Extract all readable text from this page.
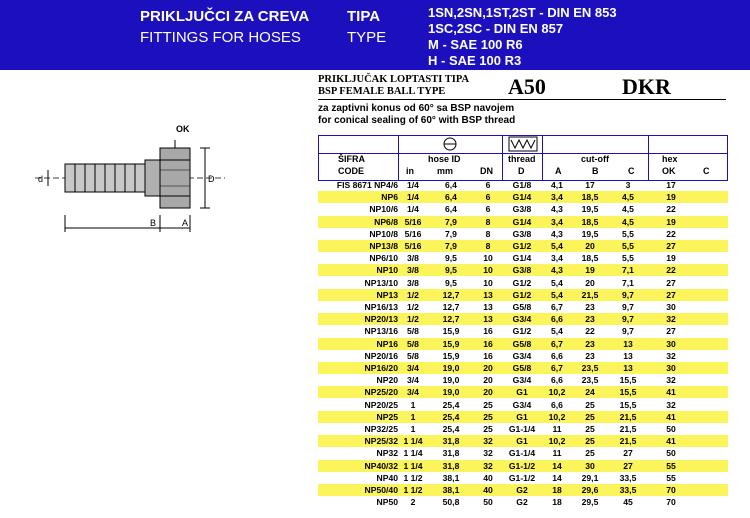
PRIKLJUČCI ZA CREVA
FITTINGS FOR HOSES
TIPA
TYPE
1SN,2SN,1ST,2ST - DIN EN 853
1SC,2SC - DIN EN 857
M - SAE 100 R6
H - SAE 100 R3
PRIKLJUČAK LOPTASTI TIPA
BSP FEMALE BALL TYPE	A50	DKR
za zaptivni konus od 60° sa BSP navojem
for conical sealing of 60° with BSP thread
OK
d	D
B	A
ŠIFRA
CODE
hose ID	thread	cut-off	hex
in	mm	DN	D	A	B	C	OK	C
FIS 8671 NP4/6	1/4	6,4	6	G1/8	4,1	17	3	17
NP6	1/4	6,4	6	G1/4	3,4	18,5	4,5	19
NP10/6	1/4	6,4	6	G3/8	4,3	19,5	4,5	22
NP6/8 5/16	7,9	8	G1/4	3,4	18,5	4,5	19
NP10/8 5/16	7,9	8	G3/8	4,3	19,5	5,5	22
NP13/8 5/16	7,9	8	G1/2	5,4	20	5,5	27
NP6/10	3/8	9,5	10	G1/4	3,4	18,5	5,5	19
NP10	3/8	9,5	10	G3/8	4,3	19	7,1	22
NP13/10	3/8	9,5	10	G1/2	5,4	20	7,1	27
NP13	1/2	12,7	13	G1/2	5,4	21,5	9,7	27
NP16/13	1/2	12,7	13	G5/8	6,7	23	9,7	30
NP20/13	1/2	12,7	13	G3/4	6,6	23	9,7	32
NP13/16	5/8	15,9	16	G1/2	5,4	22	9,7	27
NP16	5/8	15,9	16	G5/8	6,7	23	13	30
NP20/16	5/8	15,9	16	G3/4	6,6	23	13	32
NP16/20	3/4	19,0	20	G5/8	6,7	23,5	13	30
NP20	3/4	19,0	20	G3/4	6,6	23,5	15,5	32
NP25/20	3/4	19,0	20	G1	10,2	24	15,5	41
NP20/25	1	25,4	25	G3/4	6,6	25	15,5	32
NP25	1	25,4	25	G1	10,2	25	21,5	41
NP32/25	1	25,4	25	G1-1/4	11	25	21,5	50
NP25/32 1 1/4	31,8	32	G1	10,2	25	21,5	41
NP32 1 1/4	31,8	32	G1-1/4	11	25	27	50
NP40/32 1 1/4	31,8	32	G1-1/2	14	30	27	55
NP40 1 1/2	38,1	40	G1-1/2	14	29,1	33,5	55
NP50/40 1 1/2	38,1	40	G2	18	29,6	33,5	70
NP50	2	50,8	50	G2	18	29,5	45	70
